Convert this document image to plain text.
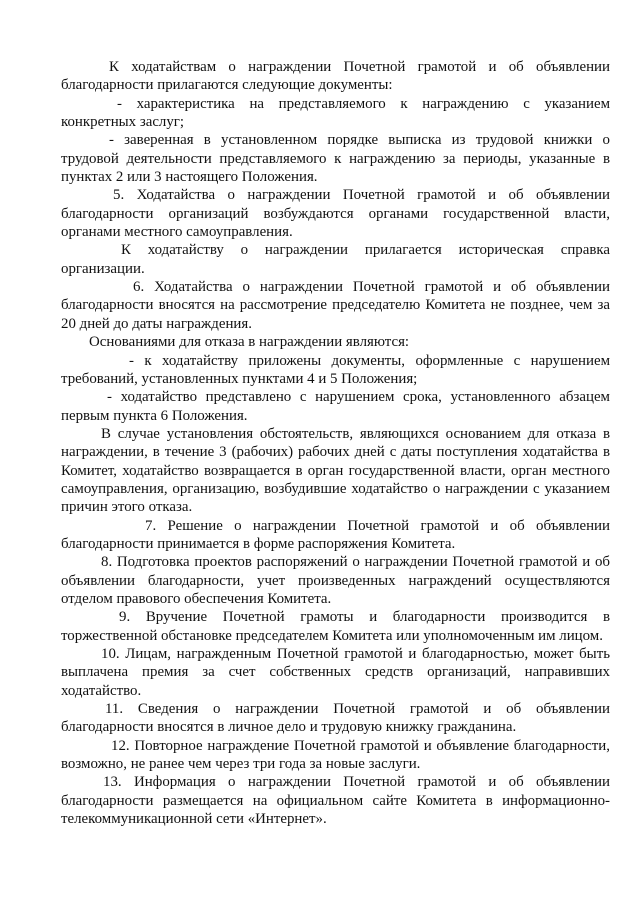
К ходатайствам о награждении Почетной грамотой и об объявлении благодарности прилагаются следующие документы:

- характеристика на представляемого к награждению с указанием конкретных заслуг;

- заверенная в установленном порядке выписка из трудовой книжки о трудовой деятельности представляемого к награждению за периоды, указанные в пунктах 2 или 3 настоящего Положения.

5. Ходатайства о награждении Почетной грамотой и об объявлении благодарности организаций возбуждаются органами государственной власти, органами местного самоуправления.

К ходатайству о награждении прилагается историческая справка организации.

6. Ходатайства о награждении Почетной грамотой и об объявлении благодарности вносятся на рассмотрение председателю Комитета не позднее, чем за 20 дней до даты награждения.

Основаниями для отказа в награждении являются:

- к ходатайству приложены документы, оформленные с нарушением требований, установленных пунктами 4 и 5 Положения;

- ходатайство представлено с нарушением срока, установленного абзацем первым пункта 6 Положения.

В случае установления обстоятельств, являющихся основанием для отказа в награждении, в течение 3 (рабочих) рабочих дней с даты поступления ходатайства в Комитет, ходатайство возвращается в орган государственной власти, орган местного самоуправления, организацию, возбудившие ходатайство о награждении с указанием причин этого отказа.

7. Решение о награждении Почетной грамотой и об объявлении благодарности принимается в форме распоряжения Комитета.

8. Подготовка проектов распоряжений о награждении Почетной грамотой и об объявлении благодарности, учет произведенных награждений осуществляются отделом правового обеспечения Комитета.

9. Вручение Почетной грамоты и благодарности производится в торжественной обстановке председателем Комитета или уполномоченным им лицом.

10. Лицам, награжденным Почетной грамотой и благодарностью, может быть выплачена премия за счет собственных средств организаций, направивших ходатайство.

11. Сведения о награждении Почетной грамотой и об объявлении благодарности вносятся в личное дело и трудовую книжку гражданина.

12. Повторное награждение Почетной грамотой и объявление благодарности, возможно, не ранее чем через три года за новые заслуги.

13. Информация о награждении Почетной грамотой и об объявлении благодарности размещается на официальном сайте Комитета в информационно-телекоммуникационной сети «Интернет».
